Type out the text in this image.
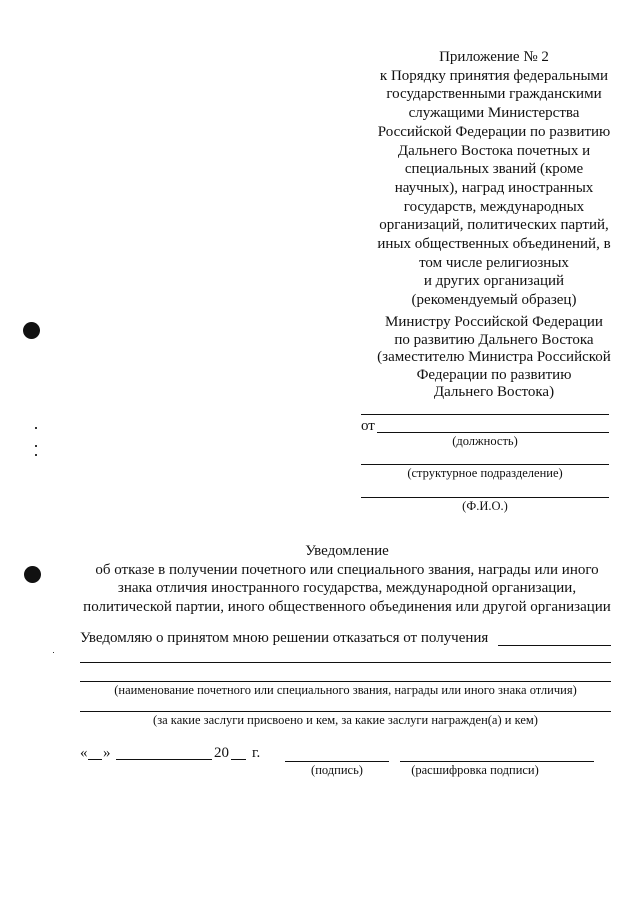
Приложение № 2
к Порядку принятия федеральными
государственными гражданскими
служащими Министерства
Российской Федерации по развитию
Дальнего Востока почетных и
специальных званий (кроме
научных), наград иностранных
государств, международных
организаций, политических партий,
иных общественных объединений, в
том числе религиозных
и других организаций
(рекомендуемый образец)
Министру Российской Федерации
по развитию Дальнего Востока
(заместителю Министра Российской
Федерации по развитию
Дальнего Востока)
от
(должность)
(структурное подразделение)
(Ф.И.О.)
Уведомление
об отказе в получении почетного или специального звания, награды или иного
знака отличия иностранного государства, международной организации,
политической партии, иного общественного объединения или другой организации
Уведомляю о принятом мною решении отказаться от получения
(наименование почетного или специального звания, награды или иного знака отличия)
(за какие заслуги присвоено и кем, за какие заслуги награжден(а) и кем)
« »	20 г.
(подпись)	(расшифровка подписи)
